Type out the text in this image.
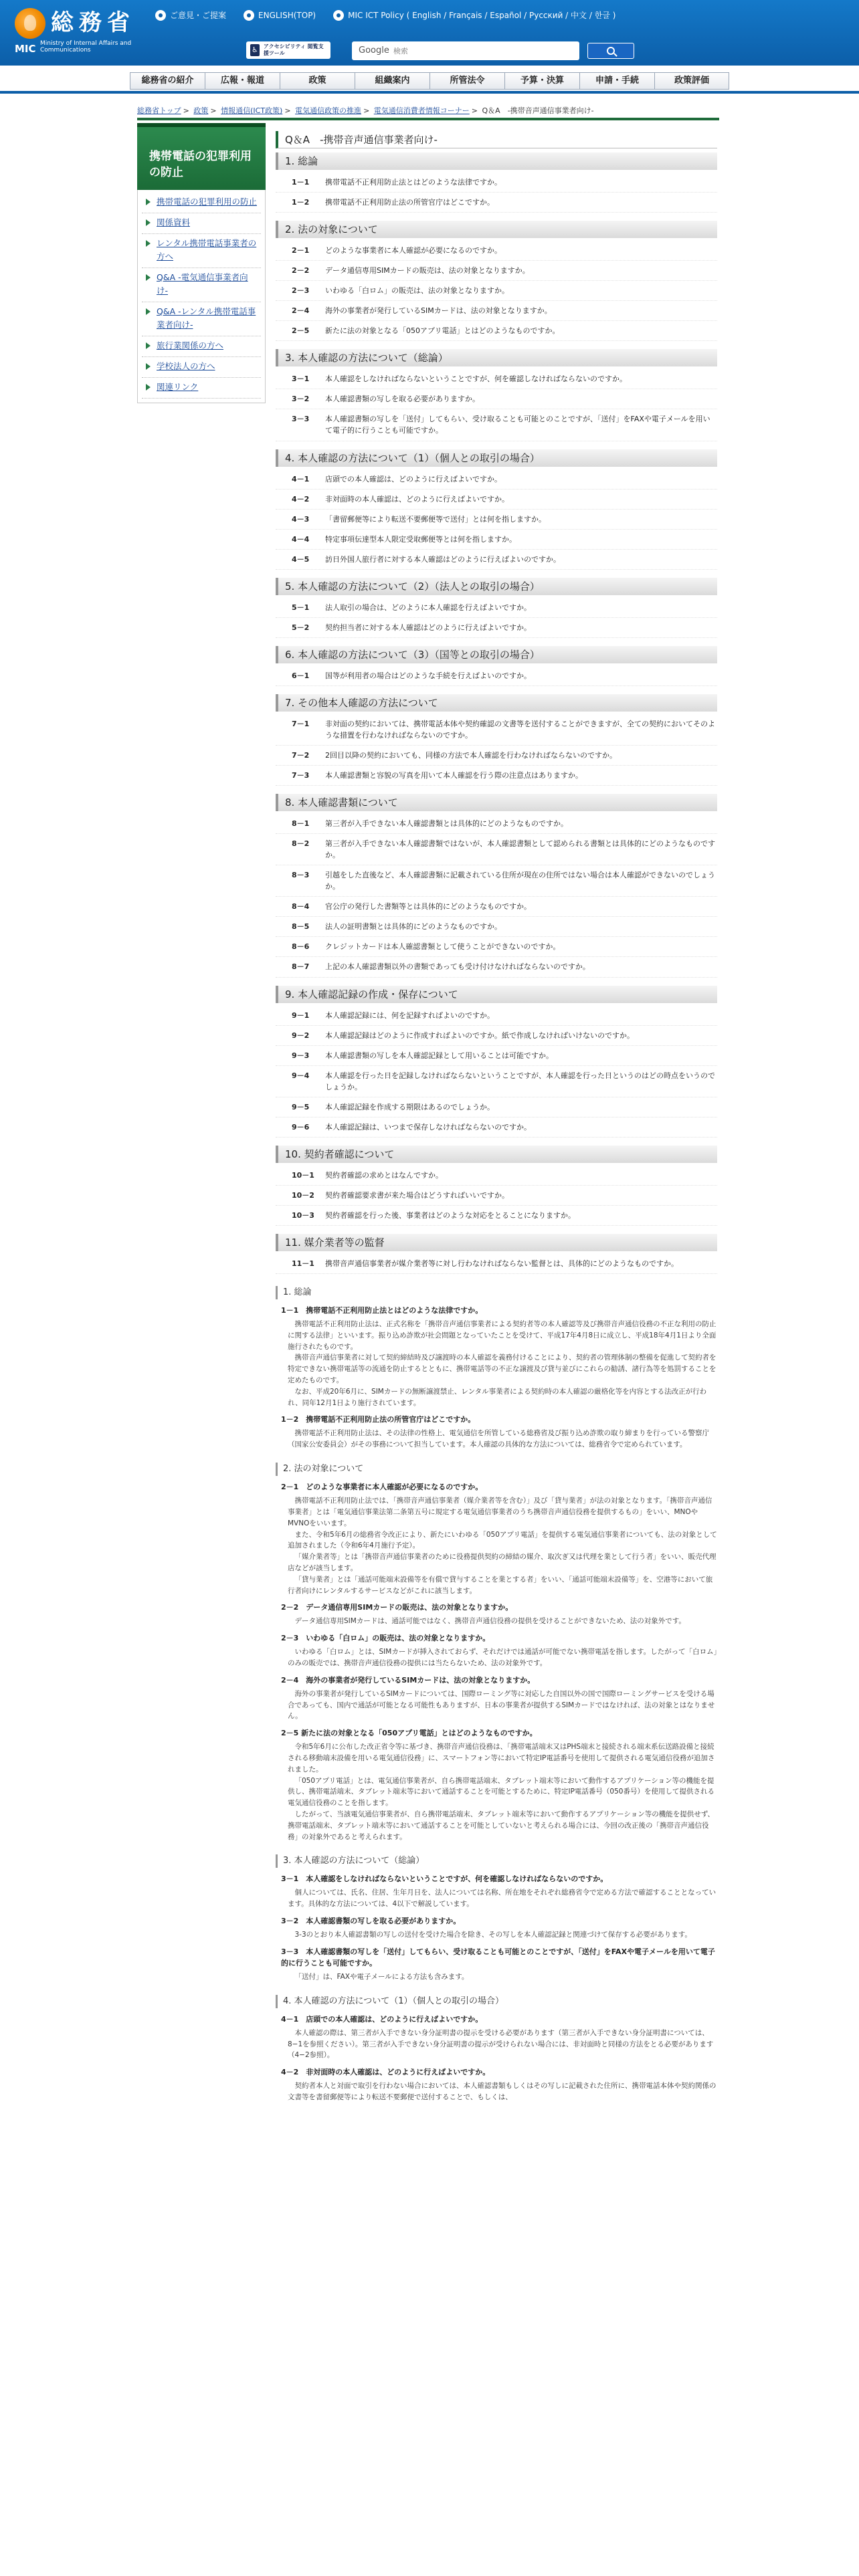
総務省
MIC Ministry of Internal Affairs and Communications
ご意見・ご提案	ENGLISH(TOP)	MIC ICT Policy ( English / Français / Español / Pусский / 中文 / 한글 )
♿ アクセシビリティ 閲覧支援ツール	Google
検索
総務省の紹介	広報・報道	政策	組織案内	所管法令	予算・決算	申請・手続	政策評価
総務省トップ > 政策 > 情報通信(ICT政策) > 電気通信政策の推進 > 電気通信消費者情報コーナー > Q＆A　-携帯音声通信事業者向け-
携帯電話の犯罪利用の防止
携帯電話の犯罪利用の防止
関係資料
レンタル携帯電話事業者の方へ
Q&A -電気通信事業者向け-
Q&A -レンタル携帯電話事業者向け-
旅行業関係の方へ
学校法人の方へ
関連リンク
Q＆A　-携帯音声通信事業者向け-
1. 総論
1－1	携帯電話不正利用防止法とはどのような法律ですか。
1－2	携帯電話不正利用防止法の所管官庁はどこですか。
2. 法の対象について
2－1	どのような事業者に本人確認が必要になるのですか。
2－2	データ通信専用SIMカードの販売は、法の対象となりますか。
2－3	いわゆる「白ロム」の販売は、法の対象となりますか。
2－4	海外の事業者が発行しているSIMカードは、法の対象となりますか。
2－5	新たに法の対象となる「050アプリ電話」とはどのようなものですか。
3. 本人確認の方法について（総論）
3－1	本人確認をしなければならないということですが、何を確認しなければならないのですか。
3－2	本人確認書類の写しを取る必要がありますか。
3－3	本人確認書類の写しを「送付」してもらい、受け取ることも可能とのことですが、「送付」をFAXや電子メールを用いて電子的に行うことも可能ですか。
4. 本人確認の方法について（1）（個人との取引の場合）
4－1	店頭での本人確認は、どのように行えばよいですか。
4－2	非対面時の本人確認は、どのように行えばよいですか。
4－3	「書留郵便等により転送不要郵便等で送付」とは何を指しますか。
4－4	特定事項伝達型本人限定受取郵便等とは何を指しますか。
4－5	訪日外国人旅行者に対する本人確認はどのように行えばよいのですか。
5. 本人確認の方法について（2）（法人との取引の場合）
5－1	法人取引の場合は、どのように本人確認を行えばよいですか。
5－2	契約担当者に対する本人確認はどのように行えばよいですか。
6. 本人確認の方法について（3）（国等との取引の場合）
6－1	国等が利用者の場合はどのような手続を行えばよいのですか。
7. その他本人確認の方法について
7－1	非対面の契約においては、携帯電話本体や契約確認の文書等を送付することができますが、全ての契約においてそのような措置を行わなければならないのですか。
7－2	2回目以降の契約においても、同様の方法で本人確認を行わなければならないのですか。
7－3	本人確認書類と容貌の写真を用いて本人確認を行う際の注意点はありますか。
8. 本人確認書類について
8－1	第三者が入手できない本人確認書類とは具体的にどのようなものですか。
8－2	第三者が入手できない本人確認書類ではないが、本人確認書類として認められる書類とは具体的にどのようなものですか。
8－3	引越をした直後など、本人確認書類に記載されている住所が現在の住所ではない場合は本人確認ができないのでしょうか。
8－4	官公庁の発行した書類等とは具体的にどのようなものですか。
8－5	法人の証明書類とは具体的にどのようなものですか。
8－6	クレジットカードは本人確認書類として使うことができないのですか。
8－7	上記の本人確認書類以外の書類であっても受け付けなければならないのですか。
9. 本人確認記録の作成・保存について
9－1	本人確認記録には、何を記録すればよいのですか。
9－2	本人確認記録はどのように作成すればよいのですか。紙で作成しなければいけないのですか。
9－3	本人確認書類の写しを本人確認記録として用いることは可能ですか。
9－4	本人確認を行った日を記録しなければならないということですが、本人確認を行った日というのはどの時点をいうのでしょうか。
9－5	本人確認記録を作成する期限はあるのでしょうか。
9－6	本人確認記録は、いつまで保存しなければならないのですか。
10. 契約者確認について
10－1	契約者確認の求めとはなんですか。
10－2	契約者確認要求書が来た場合はどうすればいいですか。
10－3	契約者確認を行った後、事業者はどのような対応をとることになりますか。
11. 媒介業者等の監督
11－1	携帯音声通信事業者が媒介業者等に対し行わなければならない監督とは、具体的にどのようなものですか。
1. 総論
1－1　携帯電話不正利用防止法とはどのような法律ですか。

携帯電話不正利用防止法は、正式名称を「携帯音声通信事業者による契約者等の本人確認等及び携帯音声通信役務の不正な利用の防止に関する法律」といいます。振り込め詐欺が社会問題となっていたことを受けて、平成17年4月8日に成立し、平成18年4月1日より全面施行されたものです。

携帯音声通信事業者に対して契約締結時及び譲渡時の本人確認を義務付けることにより、契約者の管理体制の整備を促進して契約者を特定できない携帯電話等の流通を防止するとともに、携帯電話等の不正な譲渡及び貸与並びにこれらの勧誘、諸行為等を処罰することを定めたものです。

なお、平成20年6月に、SIMカードの無断譲渡禁止、レンタル事業者による契約時の本人確認の厳格化等を内容とする法改正が行われ、同年12月1日より施行されています。

1－2　携帯電話不正利用防止法の所管官庁はどこですか。

携帯電話不正利用防止法は、その法律の性格上、電気通信を所管している総務省及び振り込め詐欺の取り締まりを行っている警察庁（国家公安委員会）がその事務について担当しています。本人確認の具体的な方法については、総務省令で定められています。

2. 法の対象について
2－1　どのような事業者に本人確認が必要になるのですか。

携帯電話不正利用防止法では、「携帯音声通信事業者（媒介業者等を含む）」及び「貸与業者」が法の対象となります。「携帯音声通信事業者」とは「電気通信事業法第二条第五号に規定する電気通信事業者のうち携帯音声通信役務を提供するもの」をいい、MNOやMVNOをいいます。

また、令和5年6月の総務省令改正により、新たにいわゆる「050アプリ電話」を提供する電気通信事業者についても、法の対象として追加されました（令和6年4月施行予定）。

「媒介業者等」とは「携帯音声通信事業者のために役務提供契約の締結の媒介、取次ぎ又は代理を業として行う者」をいい、販売代理店などが該当します。

「貸与業者」とは「通話可能端末設備等を有償で貸与することを業とする者」をいい、「通話可能端末設備等」を、空港等において旅行者向けにレンタルするサービスなどがこれに該当します。

2－2　データ通信専用SIMカードの販売は、法の対象となりますか。

データ通信専用SIMカードは、通話可能ではなく、携帯音声通信役務の提供を受けることができないため、法の対象外です。

2－3　いわゆる「白ロム」の販売は、法の対象となりますか。

いわゆる「白ロム」とは、SIMカードが挿入されておらず、それだけでは通話が可能でない携帯電話を指します。したがって「白ロム」のみの販売では、携帯音声通信役務の提供には当たらないため、法の対象外です。

2－4　海外の事業者が発行しているSIMカードは、法の対象となりますか。

海外の事業者が発行しているSIMカードについては、国際ローミング等に対応した自国以外の国で国際ローミングサービスを受ける場合であっても、国内で通話が可能となる可能性もありますが、日本の事業者が提供するSIMカードではなければ、法の対象とはなりません。

2－5 新たに法の対象となる「050アプリ電話」とはどのようなものですか。

令和5年6月に公布した改正省令等に基づき、携帯音声通信役務は、「携帯電話端末又はPHS端末と接続される端末系伝送路設備と接続される移動端末設備を用いる電気通信役務」に、スマートフォン等において特定IP電話番号を使用して提供される電気通信役務が追加されました。

「050アプリ電話」とは、電気通信事業者が、自ら携帯電話端末、タブレット端末等において動作するアプリケーション等の機能を提供し、携帯電話端末、タブレット端末等において通話することを可能とするために、特定IP電話番号（050番号）を使用して提供される電気通信役務のことを指します。

したがって、当該電気通信事業者が、自ら携帯電話端末、タブレット端末等において動作するアプリケーション等の機能を提供せず、携帯電話端末、タブレット端末等において通話することを可能としていないと考えられる場合には、今回の改正後の「携帯音声通信役務」の対象外であると考えられます。

3. 本人確認の方法について（総論）
3－1　本人確認をしなければならないということですが、何を確認しなければならないのですか。

個人については、氏名、住居、生年月日を、法人については名称、所在地をそれぞれ総務省令で定める方法で確認することとなっています。具体的な方法については、4以下で解説しています。

3－2　本人確認書類の写しを取る必要がありますか。

3-3のとおり本人確認書類の写しの送付を受けた場合を除き、その写しを本人確認記録と関連づけて保存する必要があります。

3－3　本人確認書類の写しを「送付」してもらい、受け取ることも可能とのことですが、「送付」をFAXや電子メールを用いて電子的に行うことも可能ですか。

「送付」は、FAXや電子メールによる方法も含みます。

4. 本人確認の方法について（1）（個人との取引の場合）
4－1　店頭での本人確認は、どのように行えばよいですか。

本人確認の際は、第三者が入手できない身分証明書の提示を受ける必要があります（第三者が入手できない身分証明書については、8−1を参照ください）。第三者が入手できない身分証明書の提示が受けられない場合には、非対面時と同様の方法をとる必要があります（4−2参照）。

4－2　非対面時の本人確認は、どのように行えばよいですか。

契約者本人と対面で取引を行わない場合においては、本人確認書類もしくはその写しに記載された住所に、携帯電話本体や契約関係の文書等を書留郵便等により転送不要郵便で送付することで、もしくは、
